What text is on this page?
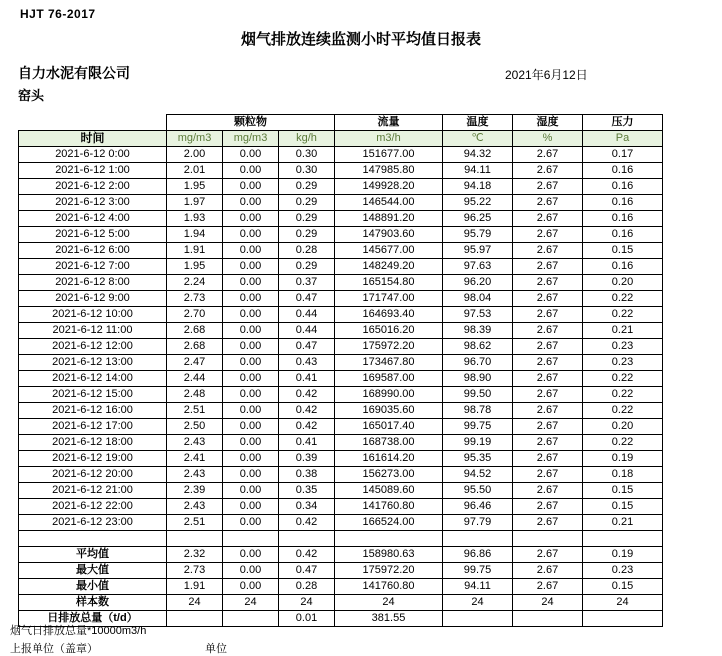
HJT 76-2017
烟气排放连续监测小时平均值日报表
自力水泥有限公司
窑头
2021年6月12日
	颗粒物			流量	温度	湿度	压力
时间	mg/m3	mg/m3	kg/h	m3/h	℃	%	Pa
2021-6-12 0:00	2.00	0.00	0.30	151677.00	94.32	2.67	0.17
2021-6-12 1:00	2.01	0.00	0.30	147985.80	94.11	2.67	0.16
2021-6-12 2:00	1.95	0.00	0.29	149928.20	94.18	2.67	0.16
2021-6-12 3:00	1.97	0.00	0.29	146544.00	95.22	2.67	0.16
2021-6-12 4:00	1.93	0.00	0.29	148891.20	96.25	2.67	0.16
2021-6-12 5:00	1.94	0.00	0.29	147903.60	95.79	2.67	0.16
2021-6-12 6:00	1.91	0.00	0.28	145677.00	95.97	2.67	0.15
2021-6-12 7:00	1.95	0.00	0.29	148249.20	97.63	2.67	0.16
2021-6-12 8:00	2.24	0.00	0.37	165154.80	96.20	2.67	0.20
2021-6-12 9:00	2.73	0.00	0.47	171747.00	98.04	2.67	0.22
2021-6-12 10:00	2.70	0.00	0.44	164693.40	97.53	2.67	0.22
2021-6-12 11:00	2.68	0.00	0.44	165016.20	98.39	2.67	0.21
2021-6-12 12:00	2.68	0.00	0.47	175972.20	98.62	2.67	0.23
2021-6-12 13:00	2.47	0.00	0.43	173467.80	96.70	2.67	0.23
2021-6-12 14:00	2.44	0.00	0.41	169587.00	98.90	2.67	0.22
2021-6-12 15:00	2.48	0.00	0.42	168990.00	99.50	2.67	0.22
2021-6-12 16:00	2.51	0.00	0.42	169035.60	98.78	2.67	0.22
2021-6-12 17:00	2.50	0.00	0.42	165017.40	99.75	2.67	0.20
2021-6-12 18:00	2.43	0.00	0.41	168738.00	99.19	2.67	0.22
2021-6-12 19:00	2.41	0.00	0.39	161614.20	95.35	2.67	0.19
2021-6-12 20:00	2.43	0.00	0.38	156273.00	94.52	2.67	0.18
2021-6-12 21:00	2.39	0.00	0.35	145089.60	95.50	2.67	0.15
2021-6-12 22:00	2.43	0.00	0.34	141760.80	96.46	2.67	0.15
2021-6-12 23:00	2.51	0.00	0.42	166524.00	97.79	2.67	0.21

平均值	2.32	0.00	0.42	158980.63	96.86	2.67	0.19
最大值	2.73	0.00	0.47	175972.20	99.75	2.67	0.23
最小值	1.91	0.00	0.28	141760.80	94.11	2.67	0.15
样本数	24	24	24	24	24	24	24
日排放总量（t/d）			0.01	381.55			
烟气日排放总量*10000m3/h
上报单位（盖章）	单位
